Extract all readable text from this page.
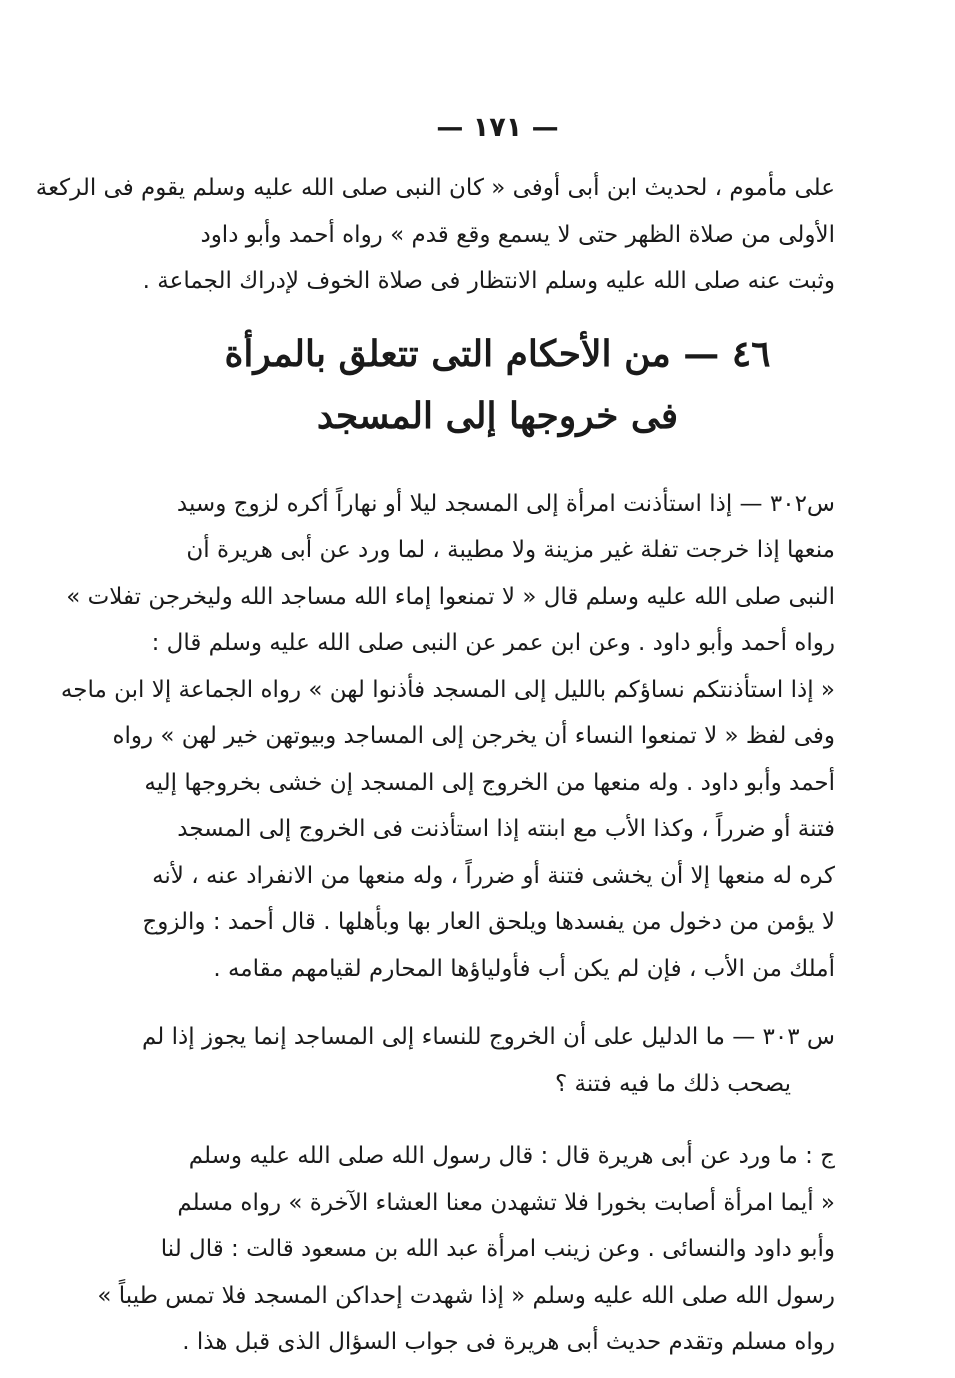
— ١٧١ —
على مأموم ، لحديث ابن أبى أوفى « كان النبى صلى الله عليه وسلم يقوم فى الركعة
الأولى من صلاة الظهر حتى لا يسمع وقع قدم » رواه أحمد وأبو داود
وثبت عنه صلى الله عليه وسلم الانتظار فى صلاة الخوف لإدراك الجماعة .
٤٦ — من الأحكام التى تتعلق بالمرأة
فى خروجها إلى المسجد
س٣٠٢ — إذا استأذنت امرأة إلى المسجد ليلا أو نهاراً أكره لزوج وسيد
منعها إذا خرجت تفلة غير مزينة ولا مطيبة ، لما ورد عن أبى هريرة أن
النبى صلى الله عليه وسلم قال « لا تمنعوا إماء الله مساجد الله وليخرجن تفلات »
رواه أحمد وأبو داود . وعن ابن عمر عن النبى صلى الله عليه وسلم قال :
« إذا استأذنتكم نساؤكم بالليل إلى المسجد فأذنوا لهن » رواه الجماعة إلا ابن ماجه
وفى لفظ « لا تمنعوا النساء أن يخرجن إلى المساجد وبيوتهن خير لهن » رواه
أحمد وأبو داود . وله منعها من الخروج إلى المسجد إن خشى بخروجها إليه
فتنة أو ضرراً ، وكذا الأب مع ابنته إذا استأذنت فى الخروج إلى المسجد
كره له منعها إلا أن يخشى فتنة أو ضرراً ، وله منعها من الانفراد عنه ، لأنه
لا يؤمن من دخول من يفسدها ويلحق العار بها وبأهلها . قال أحمد : والزوج
أملك من الأب ، فإن لم يكن أب فأولياؤها المحارم لقيامهم مقامه .
س ٣٠٣ — ما الدليل على أن الخروج للنساء إلى المساجد إنما يجوز إذا لم
يصحب ذلك ما فيه فتنة ؟
ج : ما ورد عن أبى هريرة قال : قال رسول الله صلى الله عليه وسلم
« أيما امرأة أصابت بخورا فلا تشهدن معنا العشاء الآخرة » رواه مسلم
وأبو داود والنسائى . وعن زينب امرأة عبد الله بن مسعود قالت : قال لنا
رسول الله صلى الله عليه وسلم « إذا شهدت إحداكن المسجد فلا تمس طيباً »
رواه مسلم وتقدم حديث أبى هريرة فى جواب السؤال الذى قبل هذا .
